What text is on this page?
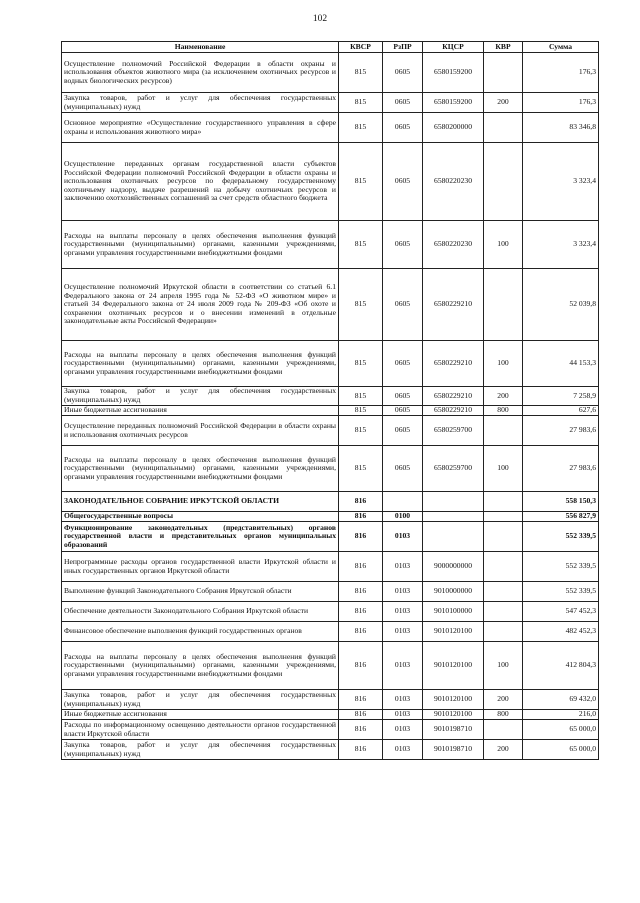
102
Наименование	КВСР	РзПР	КЦСР	КВР	Сумма
Осуществление полномочий Российской Федерации в области охраны и использования объектов животного мира (за исключением охотничьих ресурсов и водных биологических ресурсов)	815	0605	6580159200		176,3
Закупка товаров, работ и услуг для обеспечения государственных (муниципальных) нужд	815	0605	6580159200	200	176,3
Основное мероприятие «Осуществление государственного управления в сфере охраны и использования животного мира»	815	0605	6580200000		83 346,8
Осуществление переданных органам государственной власти субъектов Российской Федерации полномочий Российской Федерации в области охраны и использования охотничьих ресурсов по федеральному государственному охотничьему надзору, выдаче разрешений на добычу охотничьих ресурсов и заключению охотхозяйственных соглашений за счет средств областного бюджета	815	0605	6580220230		3 323,4
Расходы на выплаты персоналу в целях обеспечения выполнения функций государственными (муниципальными) органами, казенными учреждениями, органами управления государственными внебюджетными фондами	815	0605	6580220230	100	3 323,4
Осуществление полномочий Иркутской области в соответствии со статьей 6.1 Федерального закона от 24 апреля 1995 года № 52-ФЗ «О животном мире» и статьей 34 Федерального закона от 24 июля 2009 года № 209-ФЗ «Об охоте и сохранении охотничьих ресурсов и о внесении изменений в отдельные законодательные акты Российской Федерации»	815	0605	6580229210		52 039,8
Расходы на выплаты персоналу в целях обеспечения выполнения функций государственными (муниципальными) органами, казенными учреждениями, органами управления государственными внебюджетными фондами	815	0605	6580229210	100	44 153,3
Закупка товаров, работ и услуг для обеспечения государственных (муниципальных) нужд	815	0605	6580229210	200	7 258,9
Иные бюджетные ассигнования	815	0605	6580229210	800	627,6
Осуществление переданных полномочий Российской Федерации в области охраны и использования охотничьих ресурсов	815	0605	6580259700		27 983,6
Расходы на выплаты персоналу в целях обеспечения выполнения функций государственными (муниципальными) органами, казенными учреждениями, органами управления государственными внебюджетными фондами	815	0605	6580259700	100	27 983,6
ЗАКОНОДАТЕЛЬНОЕ СОБРАНИЕ ИРКУТСКОЙ ОБЛАСТИ	816				558 150,3
Общегосударственные вопросы	816	0100			556 827,9
Функционирование законодательных (представительных) органов государственной власти и представительных органов муниципальных образований	816	0103			552 339,5
Непрограммные расходы органов государственной власти Иркутской области и иных государственных органов Иркутской области	816	0103	9000000000		552 339,5
Выполнение функций Законодательного Собрания Иркутской области	816	0103	9010000000		552 339,5
Обеспечение деятельности Законодательного Собрания Иркутской области	816	0103	9010100000		547 452,3
Финансовое обеспечение выполнения функций государственных органов	816	0103	9010120100		482 452,3
Расходы на выплаты персоналу в целях обеспечения выполнения функций государственными (муниципальными) органами, казенными учреждениями, органами управления государственными внебюджетными фондами	816	0103	9010120100	100	412 804,3
Закупка товаров, работ и услуг для обеспечения государственных (муниципальных) нужд	816	0103	9010120100	200	69 432,0
Иные бюджетные ассигнования	816	0103	9010120100	800	216,0
Расходы по информационному освещению деятельности органов государственной власти Иркутской области	816	0103	9010198710		65 000,0
Закупка товаров, работ и услуг для обеспечения государственных (муниципальных) нужд	816	0103	9010198710	200	65 000,0
